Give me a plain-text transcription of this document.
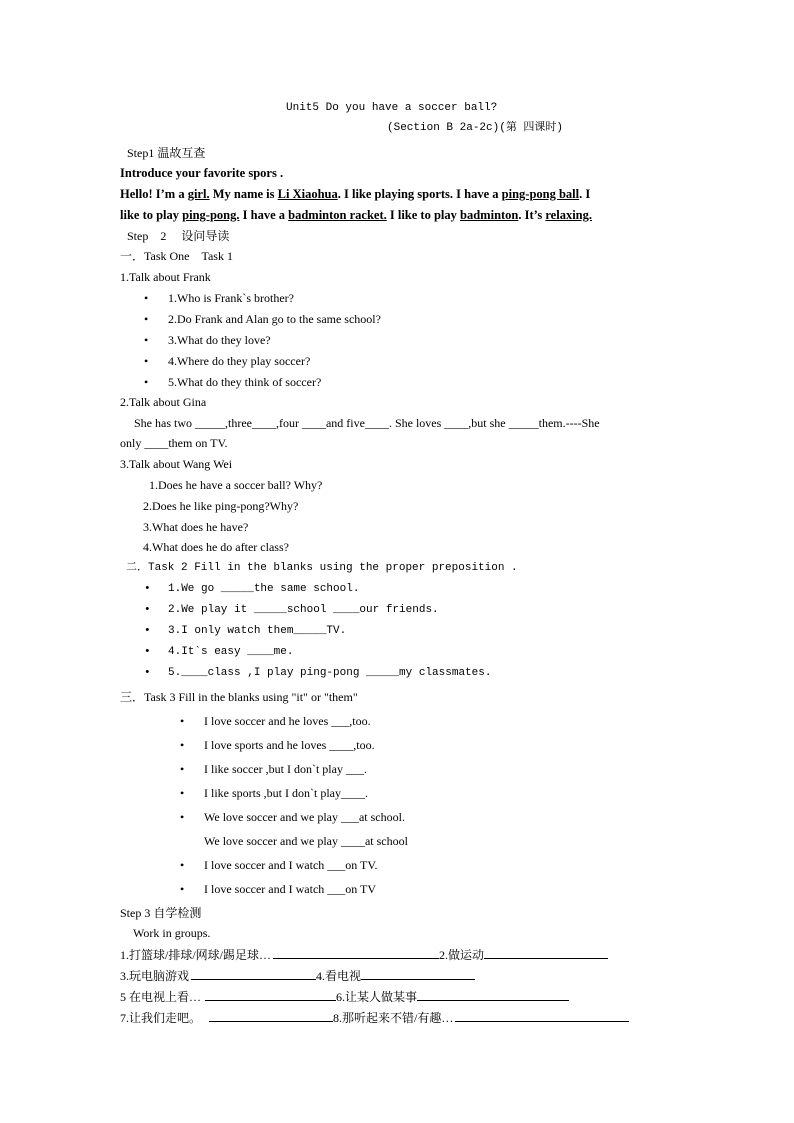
Unit5 Do you have a soccer ball?
(Section B 2a-2c)(第 四课时)
Step1 温故互查
Introduce your favorite spors .
Hello! I’m a girl. My name is Li Xiaohua. I like playing sports. I have a ping-pong ball. I
like to play ping-pong. I have a badminton racket. I like to play badminton. It’s relaxing.
Step　2　 设问导读
一．Task One　Task 1
1.Talk about Frank
• 1.Who is Frank`s brother?
• 2.Do Frank and Alan go to the same school?
• 3.What do they love?
• 4.Where do they play soccer?
• 5.What do they think of soccer?
2.Talk about Gina
She has two _____,three____,four ____and five____. She loves ____,but she _____them.----She
only ____them on TV.
3.Talk about Wang Wei
1.Does he have a soccer ball? Why?
2.Does he like ping-pong?Why?
3.What does he have?
4.What does he do after class?
二．Task 2 Fill in the blanks using the proper preposition .
• 1.We go _____the same school.
• 2.We play it _____school ____our friends.
• 3.I only watch them_____TV.
• 4.It`s easy ____me.
• 5.____class ,I play ping-pong _____my classmates.
三．Task 3 Fill in the blanks using "it" or "them"
• I love soccer and he loves ___,too.
• I love sports and he loves ____,too.
• I like soccer ,but I don`t play ___.
• I like sports ,but I don`t play____.
• We love soccer and we play ___at school.
We love soccer and we play ____at school
• I love soccer and I watch ___on TV.
• I love soccer and I watch ___on TV
Step 3 自学检测
Work in groups.
1.打篮球/排球/网球/踢足球…	2.做运动
3.玩电脑游戏	4.看电视
5 在电视上看…	6.让某人做某事
7.让我们走吧。	8.那听起来不错/有趣…
